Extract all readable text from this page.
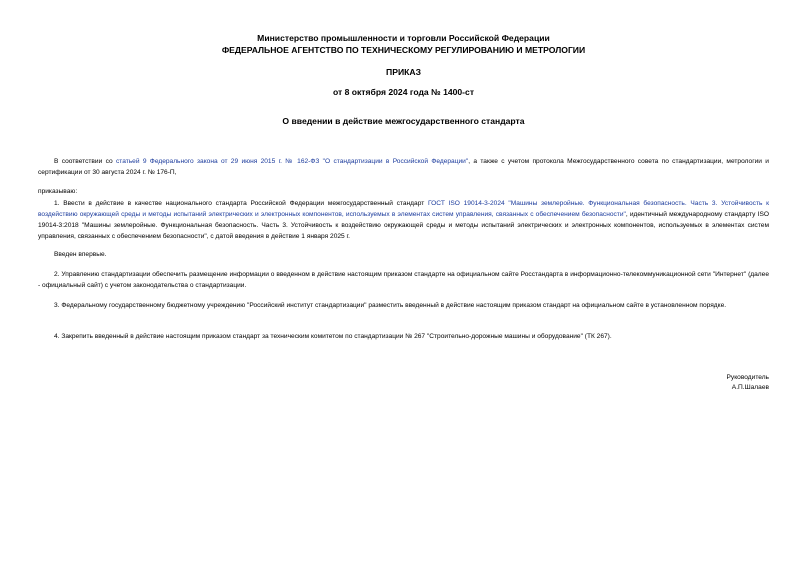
Министерство промышленности и торговли Российской Федерации
ФЕДЕРАЛЬНОЕ АГЕНТСТВО ПО ТЕХНИЧЕСКОМУ РЕГУЛИРОВАНИЮ И МЕТРОЛОГИИ
ПРИКАЗ
от 8 октября 2024 года № 1400-ст
О введении в действие межгосударственного стандарта
В соответствии со статьей 9 Федерального закона от 29 июня 2015 г. № 162-ФЗ "О стандартизации в Российской Федерации", а также с учетом протокола Межгосударственного совета по стандартизации, метрологии и сертификации от 30 августа 2024 г. № 176-П,
приказываю:
1. Ввести в действие в качестве национального стандарта Российской Федерации межгосударственный стандарт ГОСТ ISO 19014-3-2024 "Машины землеройные. Функциональная безопасность. Часть 3. Устойчивость к воздействию окружающей среды и методы испытаний электрических и электронных компонентов, используемых в элементах систем управления, связанных с обеспечением безопасности", идентичный международному стандарту ISO 19014-3:2018 "Машины землеройные. Функциональная безопасность. Часть 3. Устойчивость к воздействию окружающей среды и методы испытаний электрических и электронных компонентов, используемых в элементах систем управления, связанных с обеспечением безопасности", с датой введения в действие 1 января 2025 г.
Введен впервые.
2. Управлению стандартизации обеспечить размещение информации о введенном в действие настоящим приказом стандарте на официальном сайте Росстандарта в информационно-телекоммуникационной сети "Интернет" (далее - официальный сайт) с учетом законодательства о стандартизации.
3. Федеральному государственному бюджетному учреждению "Российский институт стандартизации" разместить введенный в действие настоящим приказом стандарт на официальном сайте в установленном порядке.
4. Закрепить введенный в действие настоящим приказом стандарт за техническим комитетом по стандартизации № 267 "Строительно-дорожные машины и оборудование" (ТК 267).
Руководитель
А.П.Шалаев
